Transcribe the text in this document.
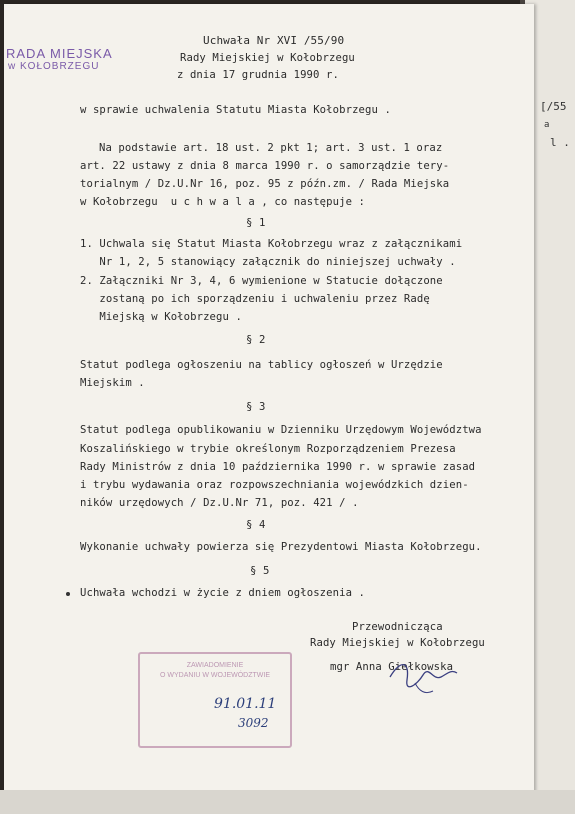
[/55
a
l .
RADA MIEJSKA
w KOŁOBRZEGU

Uchwała Nr XVI /55/90

Rady Miejskiej w Kołobrzegu

z dnia 17 grudnia 1990 r.

w sprawie uchwalenia Statutu Miasta Kołobrzegu .

Na podstawie art. 18 ust. 2 pkt 1; art. 3 ust. 1 oraz

art. 22 ustawy z dnia 8 marca 1990 r. o samorządzie tery-

torialnym / Dz.U.Nr 16, poz. 95 z późn.zm. / Rada Miejska

w Kołobrzegu  u c h w a l a , co następuje :

§ 1

1. Uchwala się Statut Miasta Kołobrzegu wraz z załącznikami

Nr 1, 2, 5 stanowiący załącznik do niniejszej uchwały .

2. Załączniki Nr 3, 4, 6 wymienione w Statucie dołączone

zostaną po ich sporządzeniu i uchwaleniu przez Radę

Miejską w Kołobrzegu .

§ 2

Statut podlega ogłoszeniu na tablicy ogłoszeń w Urzędzie

Miejskim .

§ 3

Statut podlega opublikowaniu w Dzienniku Urzędowym Województwa

Koszalińskiego w trybie określonym Rozporządzeniem Prezesa

Rady Ministrów z dnia 10 października 1990 r. w sprawie zasad

i trybu wydawania oraz rozpowszechniania wojewódzkich dzien-

ników urzędowych / Dz.U.Nr 71, poz. 421 / .

§ 4

Wykonanie uchwały powierza się Prezydentowi Miasta Kołobrzegu.

§ 5

Uchwała wchodzi w życie z dniem ogłoszenia .

Przewodnicząca

Rady Miejskiej w Kołobrzegu

mgr Anna Giełkowska

ZAWIADOMIENIE
O WYDANIU W WOJEWÓDZTWIE
91.01.11
3092
